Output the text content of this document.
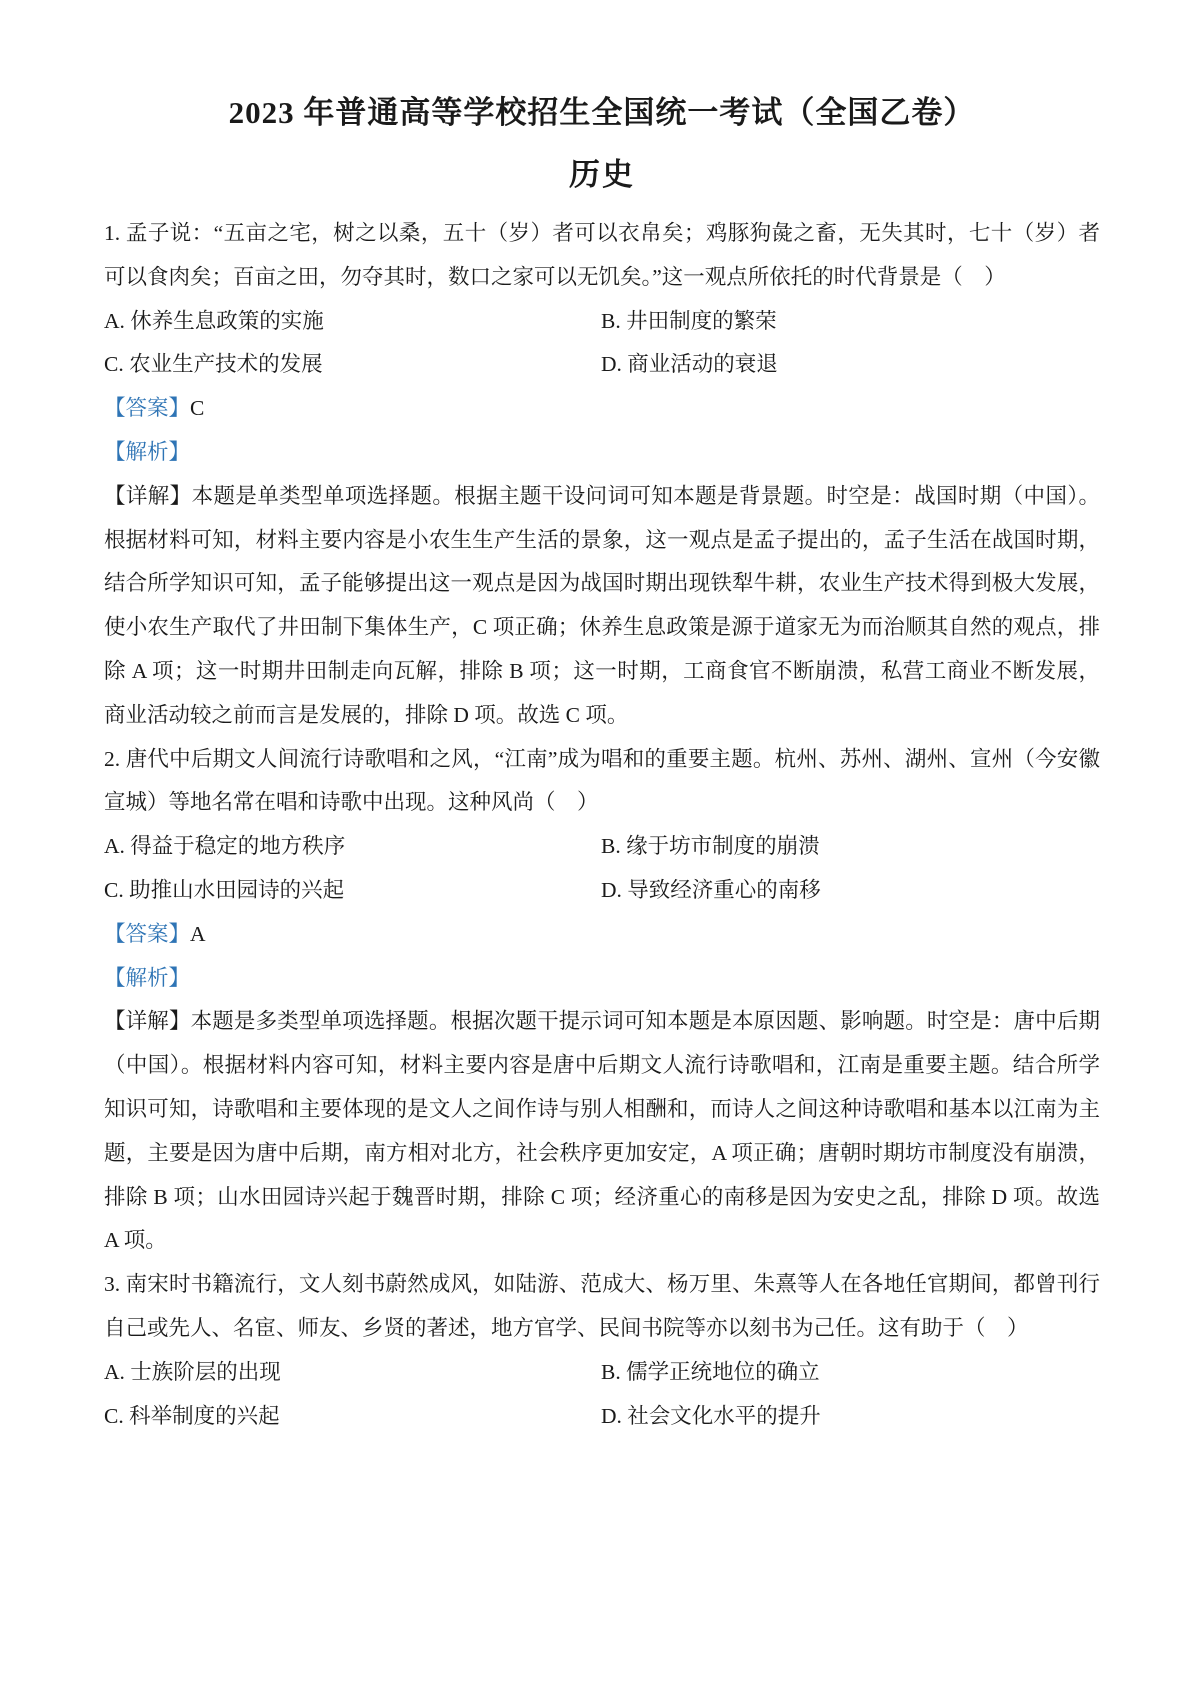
2023 年普通高等学校招生全国统一考试（全国乙卷）
历史

1. 孟子说：“五亩之宅，树之以桑，五十（岁）者可以衣帛矣；鸡豚狗彘之畜，无失其时，七十（岁）者可以食肉矣；百亩之田，勿夺其时，数口之家可以无饥矣。”这一观点所依托的时代背景是（　）

A. 休养生息政策的实施	B. 井田制度的繁荣

C. 农业生产技术的发展	D. 商业活动的衰退

【答案】C

【解析】

【详解】本题是单类型单项选择题。根据主题干设问词可知本题是背景题。时空是：战国时期（中国）。根据材料可知，材料主要内容是小农生生产生活的景象，这一观点是孟子提出的，孟子生活在战国时期，结合所学知识可知，孟子能够提出这一观点是因为战国时期出现铁犁牛耕，农业生产技术得到极大发展，使小农生产取代了井田制下集体生产，C 项正确；休养生息政策是源于道家无为而治顺其自然的观点，排除 A 项；这一时期井田制走向瓦解，排除 B 项；这一时期，工商食官不断崩溃，私营工商业不断发展，商业活动较之前而言是发展的，排除 D 项。故选 C 项。

2. 唐代中后期文人间流行诗歌唱和之风，“江南”成为唱和的重要主题。杭州、苏州、湖州、宣州（今安徽宣城）等地名常在唱和诗歌中出现。这种风尚（　）

A. 得益于稳定的地方秩序	B. 缘于坊市制度的崩溃

C. 助推山水田园诗的兴起	D. 导致经济重心的南移

【答案】A

【解析】

【详解】本题是多类型单项选择题。根据次题干提示词可知本题是本原因题、影响题。时空是：唐中后期（中国）。根据材料内容可知，材料主要内容是唐中后期文人流行诗歌唱和，江南是重要主题。结合所学知识可知，诗歌唱和主要体现的是文人之间作诗与别人相酬和，而诗人之间这种诗歌唱和基本以江南为主题，主要是因为唐中后期，南方相对北方，社会秩序更加安定，A 项正确；唐朝时期坊市制度没有崩溃，排除 B 项；山水田园诗兴起于魏晋时期，排除 C 项；经济重心的南移是因为安史之乱，排除 D 项。故选 A 项。

3. 南宋时书籍流行，文人刻书蔚然成风，如陆游、范成大、杨万里、朱熹等人在各地任官期间，都曾刊行自己或先人、名宦、师友、乡贤的著述，地方官学、民间书院等亦以刻书为己任。这有助于（　）

A. 士族阶层的出现	B. 儒学正统地位的确立

C. 科举制度的兴起	D. 社会文化水平的提升
